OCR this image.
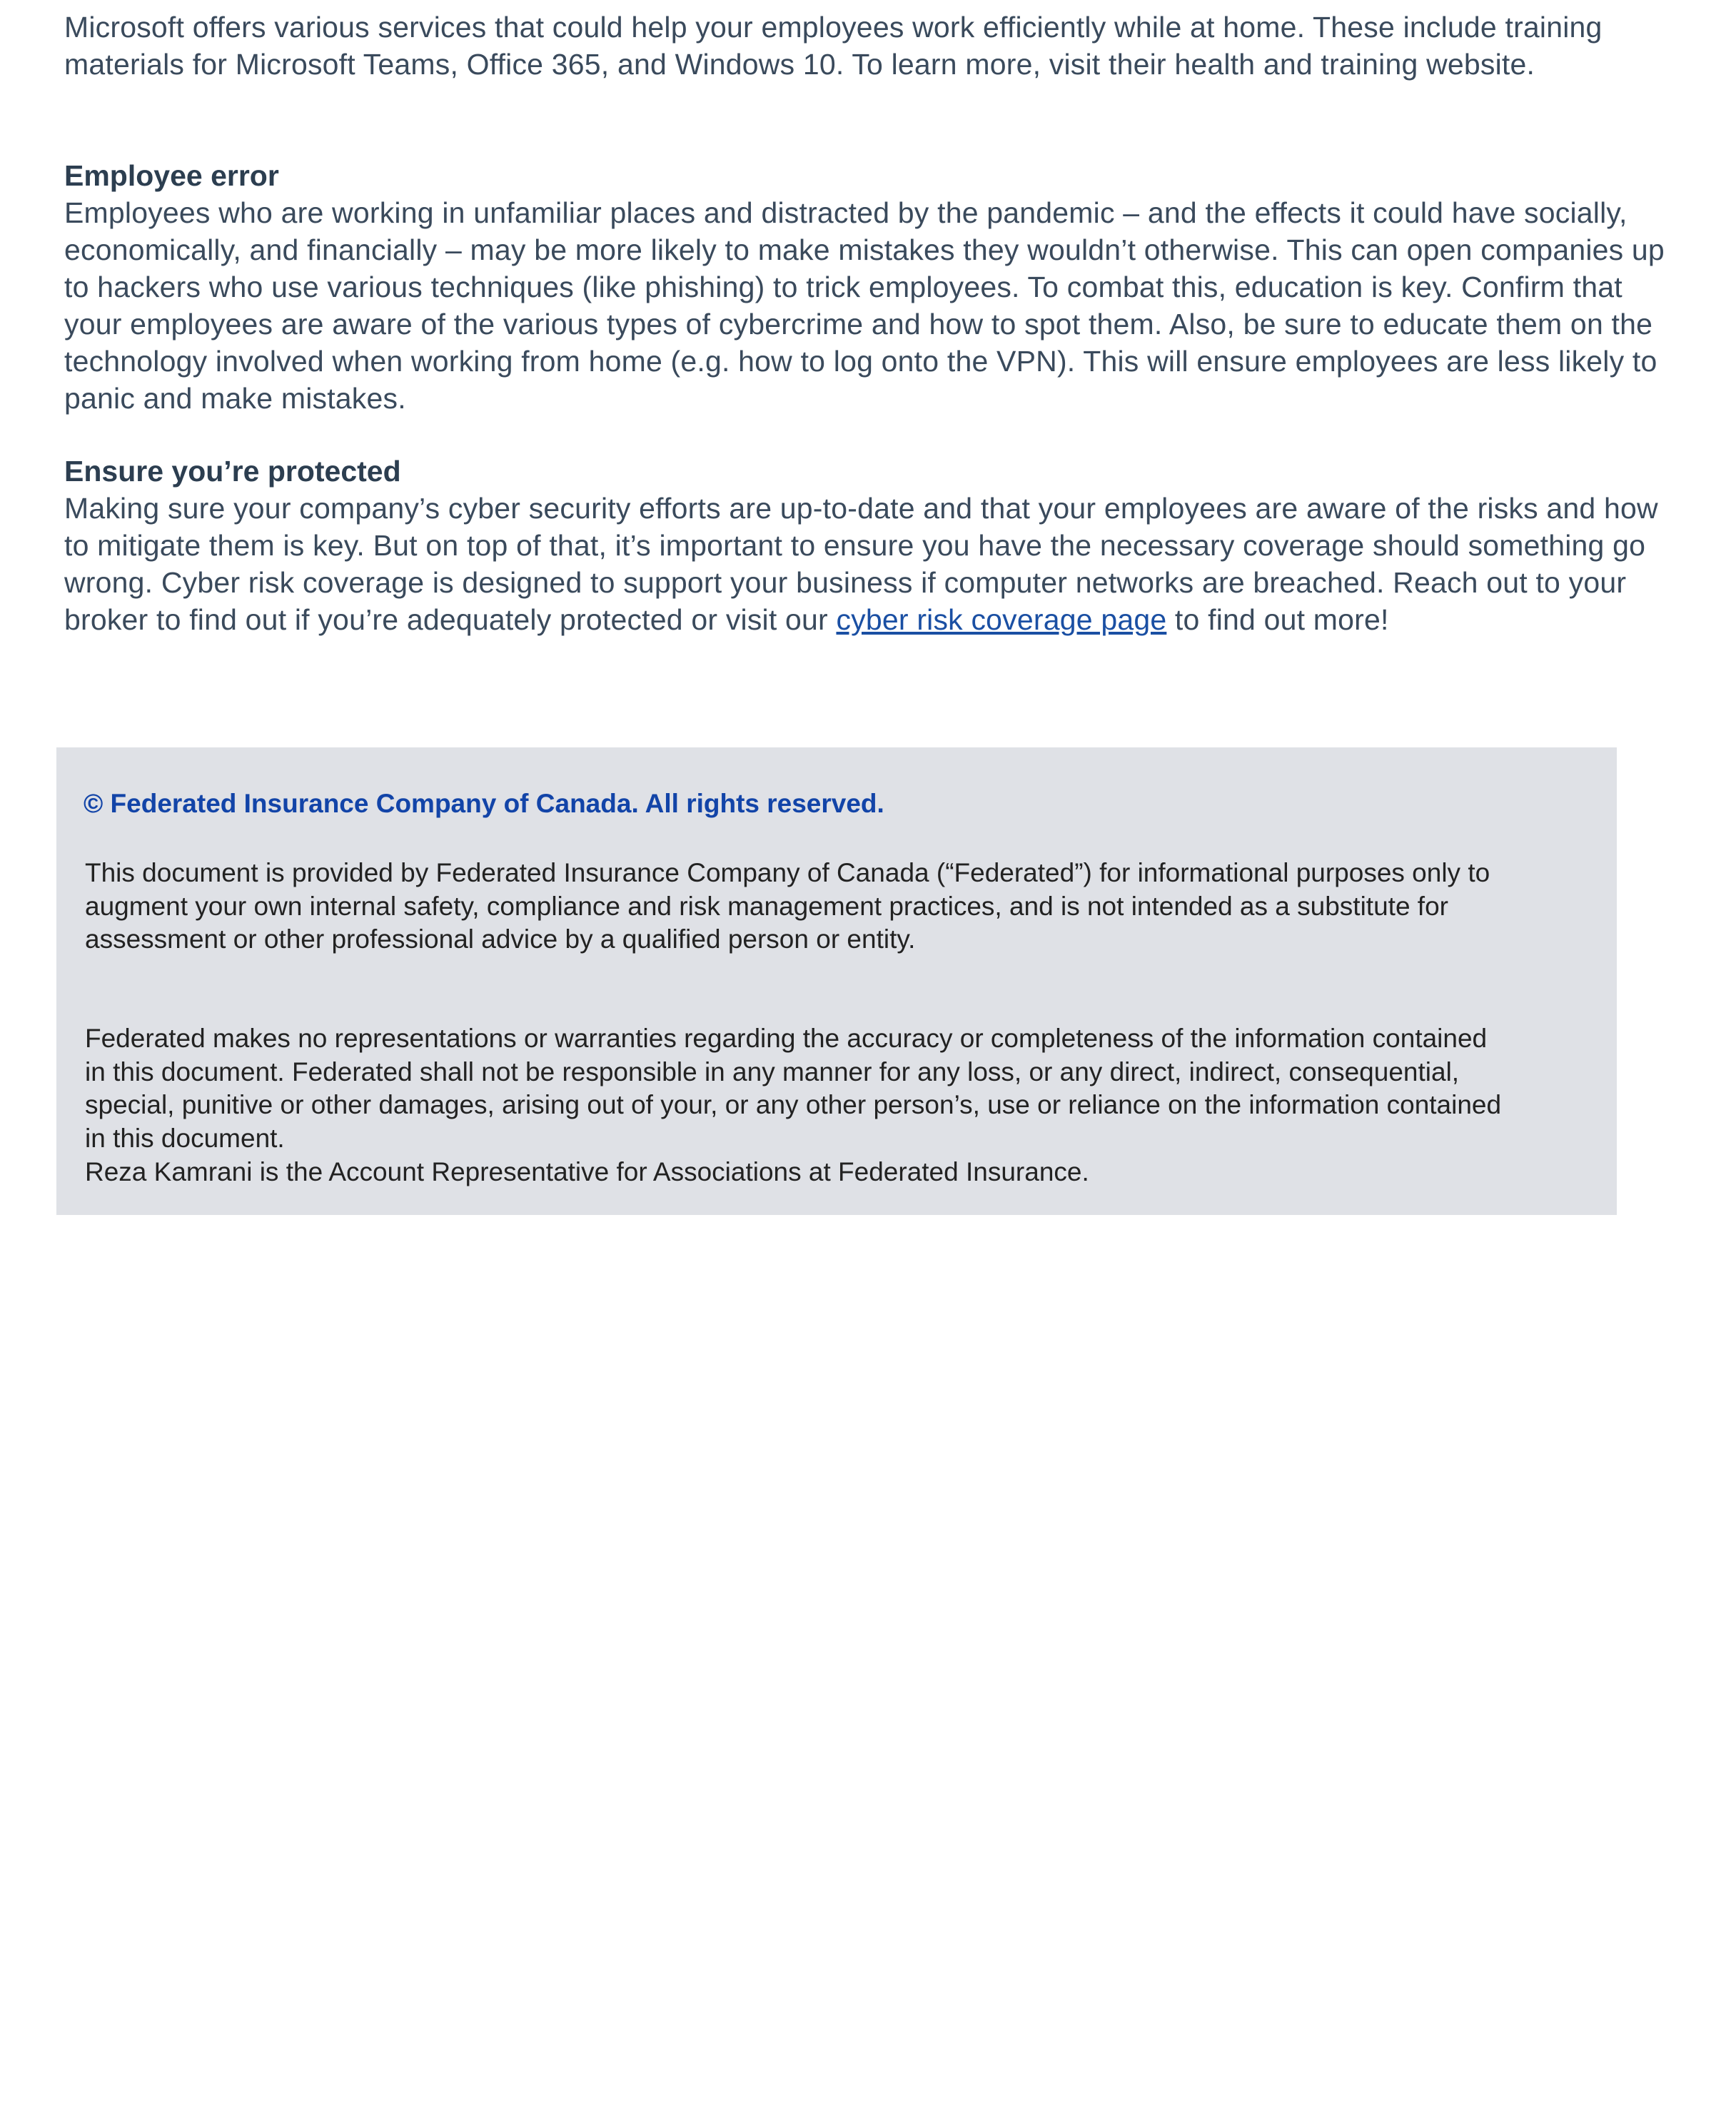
Microsoft offers various services that could help your employees work efficiently while at home. These include training materials for Microsoft Teams, Office 365, and Windows 10. To learn more, visit their health and training website.

Employee error

Employees who are working in unfamiliar places and distracted by the pandemic – and the effects it could have socially, economically, and financially – may be more likely to make mistakes they wouldn’t otherwise. This can open companies up to hackers who use various techniques (like phishing) to trick employees. To combat this, education is key. Confirm that your employees are aware of the various types of cybercrime and how to spot them. Also, be sure to educate them on the technology involved when working from home (e.g. how to log onto the VPN). This will ensure employees are less likely to panic and make mistakes.

Ensure you’re protected

Making sure your company’s cyber security efforts are up-to-date and that your employees are aware of the risks and how to mitigate them is key. But on top of that, it’s important to ensure you have the necessary coverage should something go wrong. Cyber risk coverage is designed to support your business if computer networks are breached. Reach out to your broker to find out if you’re adequately protected or visit our cyber risk coverage page to find out more!

© Federated Insurance Company of Canada. All rights reserved.

This document is provided by Federated Insurance Company of Canada (“Federated”) for informational purposes only to augment your own internal safety, compliance and risk management practices, and is not intended as a substitute for assessment or other professional advice by a qualified person or entity.

Federated makes no representations or warranties regarding the accuracy or completeness of the information contained in this document. Federated shall not be responsible in any manner for any loss, or any direct, indirect, consequential, special, punitive or other damages, arising out of your, or any other person’s, use or reliance on the information contained in this document.

Reza Kamrani is the Account Representative for Associations at Federated Insurance.
